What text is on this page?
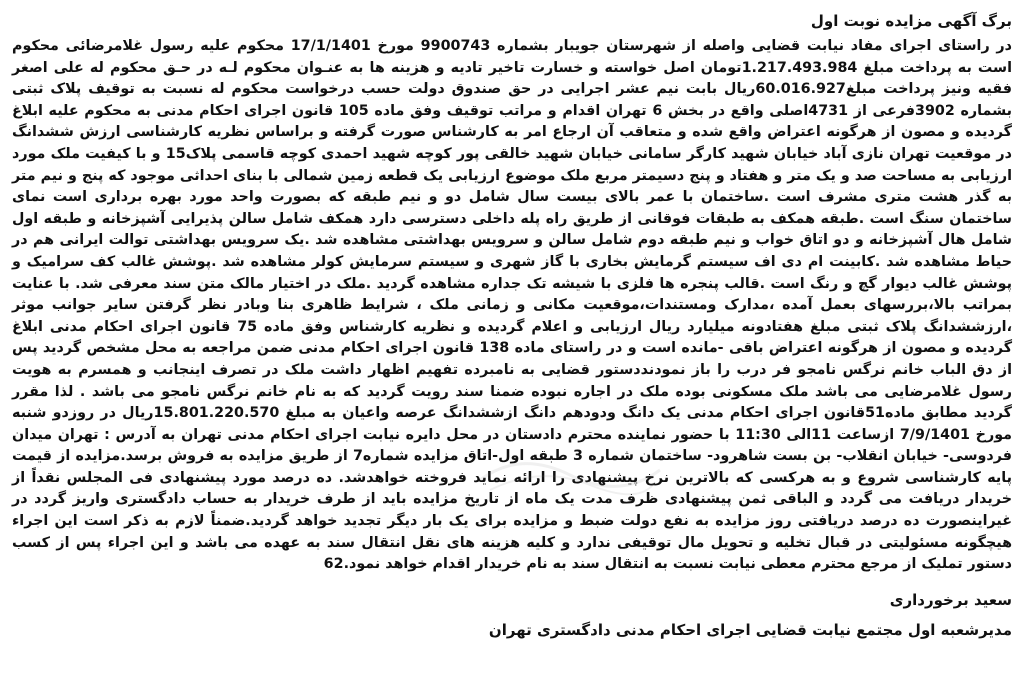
برگ آگهی مزایده نوبت اول

در راستای اجرای مفاد نیابت قضایی واصله از شهرستان جویبار بشماره 9900743 مورخ 17/1/1401 محکوم علیه رسول غلامرضائی محکوم است به پرداخت مبلغ 1.217.493.984تومان اصل خواسته و خسارت تاخیر تادیه و هزینه ها به عنـوان محکوم لـه در حـق محکوم له علی اصغر فقیه ونیز پرداخت مبلغ60.016.927ریال بابت نیم عشر اجرایی در حق صندوق دولت حسب درخواست محکوم له نسبت به توقیف پلاک ثبتی بشماره 3902فرعی از 4731اصلی واقع در بخش 6 تهران اقدام و مراتب توقیف وفق ماده 105 قانون اجرای احکام مدنی به محکوم علیه ابلاغ گردیده و مصون از هرگونه اعتراض واقع شده و متعاقب آن ارجاع امر به کارشناس صورت گرفته و براساس نظریه کارشناسی ارزش ششدانگ در موقعیت تهران نازی آباد خیابان شهید کارگر سامانی خیابان شهید خالقی پور کوچه شهید احمدی کوچه قاسمی پلاک15 و با کیفیت ملک مورد ارزیابی به مساحت صد و یک متر و هفتاد و پنج دسیمتر مربع ملک موضوع ارزیابی یک قطعه زمین شمالی با بنای احداثی موجود که پنج و نیم متر به گذر هشت متری مشرف است .ساختمان با عمر بالای بیست سال شامل دو و نیم طبقه که بصورت واحد مورد بهره برداری است نمای ساختمان سنگ است .طبقه همکف به طبقات فوقانی از طریق راه پله داخلی دسترسی دارد همکف شامل سالن پذیرایی آشپزخانه و طبقه اول شامل هال آشپزخانه و دو اتاق خواب و نیم طبقه دوم شامل سالن و سرویس بهداشتی مشاهده شد .یک سرویس بهداشتی توالت ایرانی هم در حیاط مشاهده شد .کابینت ام دی اف سیستم گرمایش بخاری با گاز شهری و سیستم سرمایش کولر مشاهده شد .پوشش غالب کف سرامیک و پوشش غالب دیوار گچ و رنگ است .قالب پنجره ها فلزی با شیشه تک جداره مشاهده گردید .ملک در اختیار مالک متن سند معرفی شد. با عنایت بمراتب بالا،بررسهای بعمل آمده ،مدارک ومستندات،موقعیت مکانی و زمانی ملک ، شرایط ظاهری بنا وبادر نظر گرفتن سایر جوانب موثر ،ارزششدانگ پلاک ثبتی مبلغ هفتادونه میلیارد ریال ارزیابی و اعلام گردیده و نظریه کارشناس وفق ماده 75 قانون اجرای احکام مدنی ابلاغ گردیده و مصون از هرگونه اعتراض باقی -مانده است و در راستای ماده 138 قانون اجرای احکام مدنی ضمن مراجعه به محل مشخص گردید پس از دق الباب خانم نرگس نامجو فر درب را باز نمودنددستور قضایی به نامبرده تفهیم اظهار داشت ملک در تصرف اینجانب و همسرم به هویت رسول غلامرضایی می باشد ملک مسکونی بوده ملک در اجاره نبوده ضمنا سند رویت گردید که به نام خانم نرگس نامجو می باشد . لذا مقرر گردید مطابق ماده51قانون اجرای احکام مدنی یک دانگ ودودهم دانگ ازششدانگ عرصه واعیان به مبلغ 15.801.220.570ریال در روزدو شنبه مورخ 7/9/1401 ازساعت 11الی 11:30 با حضور نماینده محترم دادستان در محل دایره نیابت اجرای احکام مدنی تهران به آدرس : تهران میدان فردوسی- خیابان انقلاب- بن بست شاهرود- ساختمان شماره 3 طبقه اول-اتاق مزایده شماره7 از طریق مزایده به فروش برسد.مزایده از قیمت پایه کارشناسی شروع و به هرکسی که بالاترین نرخ پیشنهادی را ارائه نماید فروخته خواهدشد. ده درصد مورد پیشنهادی فی المجلس نقداً از خریدار دریافت می گردد و الباقی ثمن پیشنهادی ظرف مدت یک ماه از تاریخ مزایده باید از طرف خریدار به حساب دادگستری واریز گردد در غیراینصورت ده درصد دریافتی روز مزایده به نفع دولت ضبط و مزایده برای یک بار دیگر تجدید خواهد گردید.ضمناً لازم به ذکر است این اجراء هیچگونه مسئولیتی در قبال تخلیه و تحویل مال توقیفی ندارد و کلیه هزینه های نقل انتقال سند به عهده می باشد و این اجراء پس از کسب دستور تملیک از مرجع محترم معطی نیابت نسبت به انتقال سند به نام خریدار اقدام خواهد نمود.62

سعید برخورداری
مدیرشعبه اول مجتمع نیابت قضایی اجرای احکام مدنی دادگستری تهران
